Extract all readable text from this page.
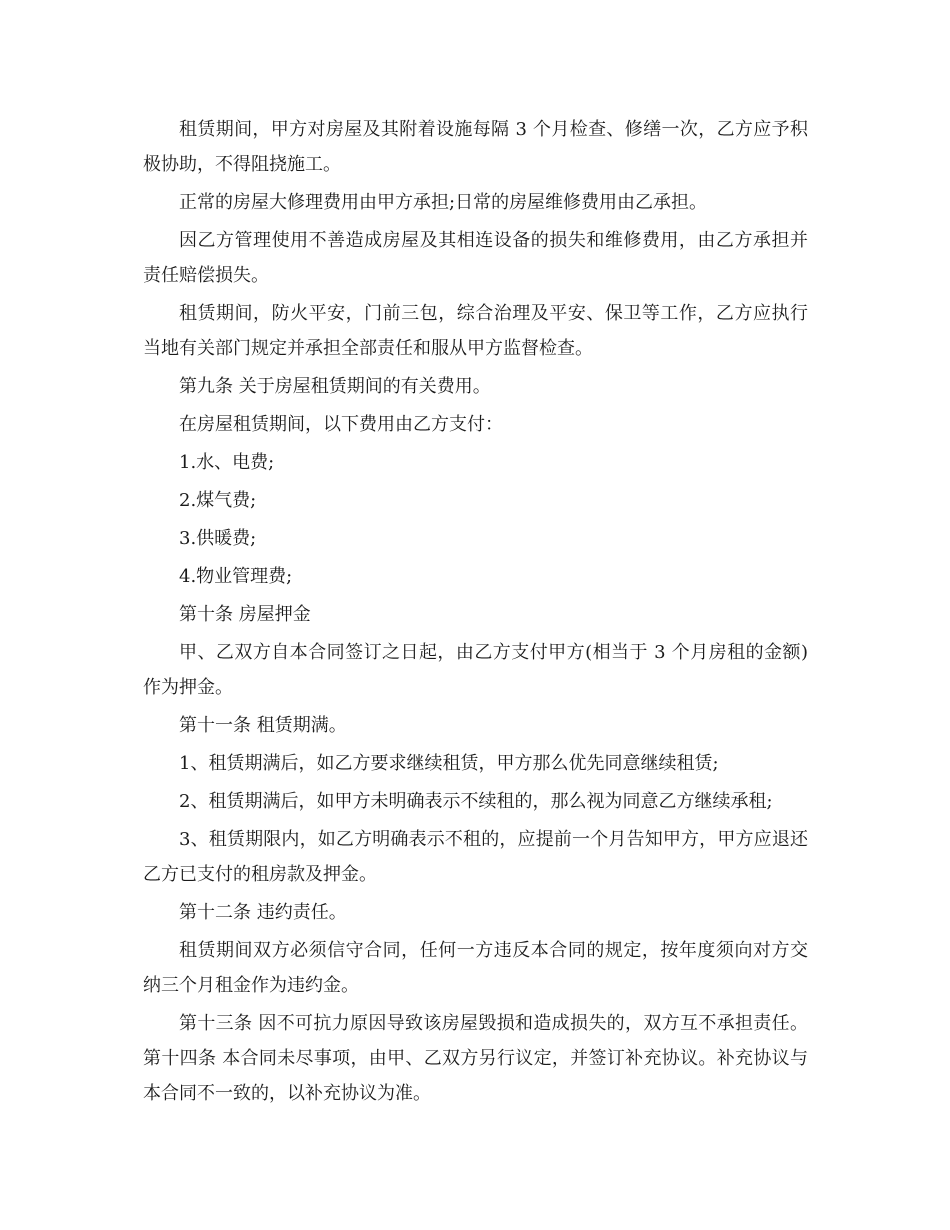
租赁期间，甲方对房屋及其附着设施每隔 3 个月检查、修缮一次，乙方应予积极协助，不得阻挠施工。

正常的房屋大修理费用由甲方承担;日常的房屋维修费用由乙承担。

因乙方管理使用不善造成房屋及其相连设备的损失和维修费用，由乙方承担并责任赔偿损失。

租赁期间，防火平安，门前三包，综合治理及平安、保卫等工作，乙方应执行当地有关部门规定并承担全部责任和服从甲方监督检查。

第九条 关于房屋租赁期间的有关费用。

在房屋租赁期间，以下费用由乙方支付：

1.水、电费;

2.煤气费;

3.供暖费;

4.物业管理费;

第十条 房屋押金

甲、乙双方自本合同签订之日起，由乙方支付甲方(相当于 3 个月房租的金额)作为押金。

第十一条 租赁期满。

1、租赁期满后，如乙方要求继续租赁，甲方那么优先同意继续租赁;

2、租赁期满后，如甲方未明确表示不续租的，那么视为同意乙方继续承租;

3、租赁期限内，如乙方明确表示不租的，应提前一个月告知甲方，甲方应退还乙方已支付的租房款及押金。

第十二条 违约责任。

租赁期间双方必须信守合同，任何一方违反本合同的规定，按年度须向对方交纳三个月租金作为违约金。

第十三条 因不可抗力原因导致该房屋毁损和造成损失的，双方互不承担责任。 第十四条 本合同未尽事项，由甲、乙双方另行议定，并签订补充协议。补充协议与本合同不一致的，以补充协议为准。
